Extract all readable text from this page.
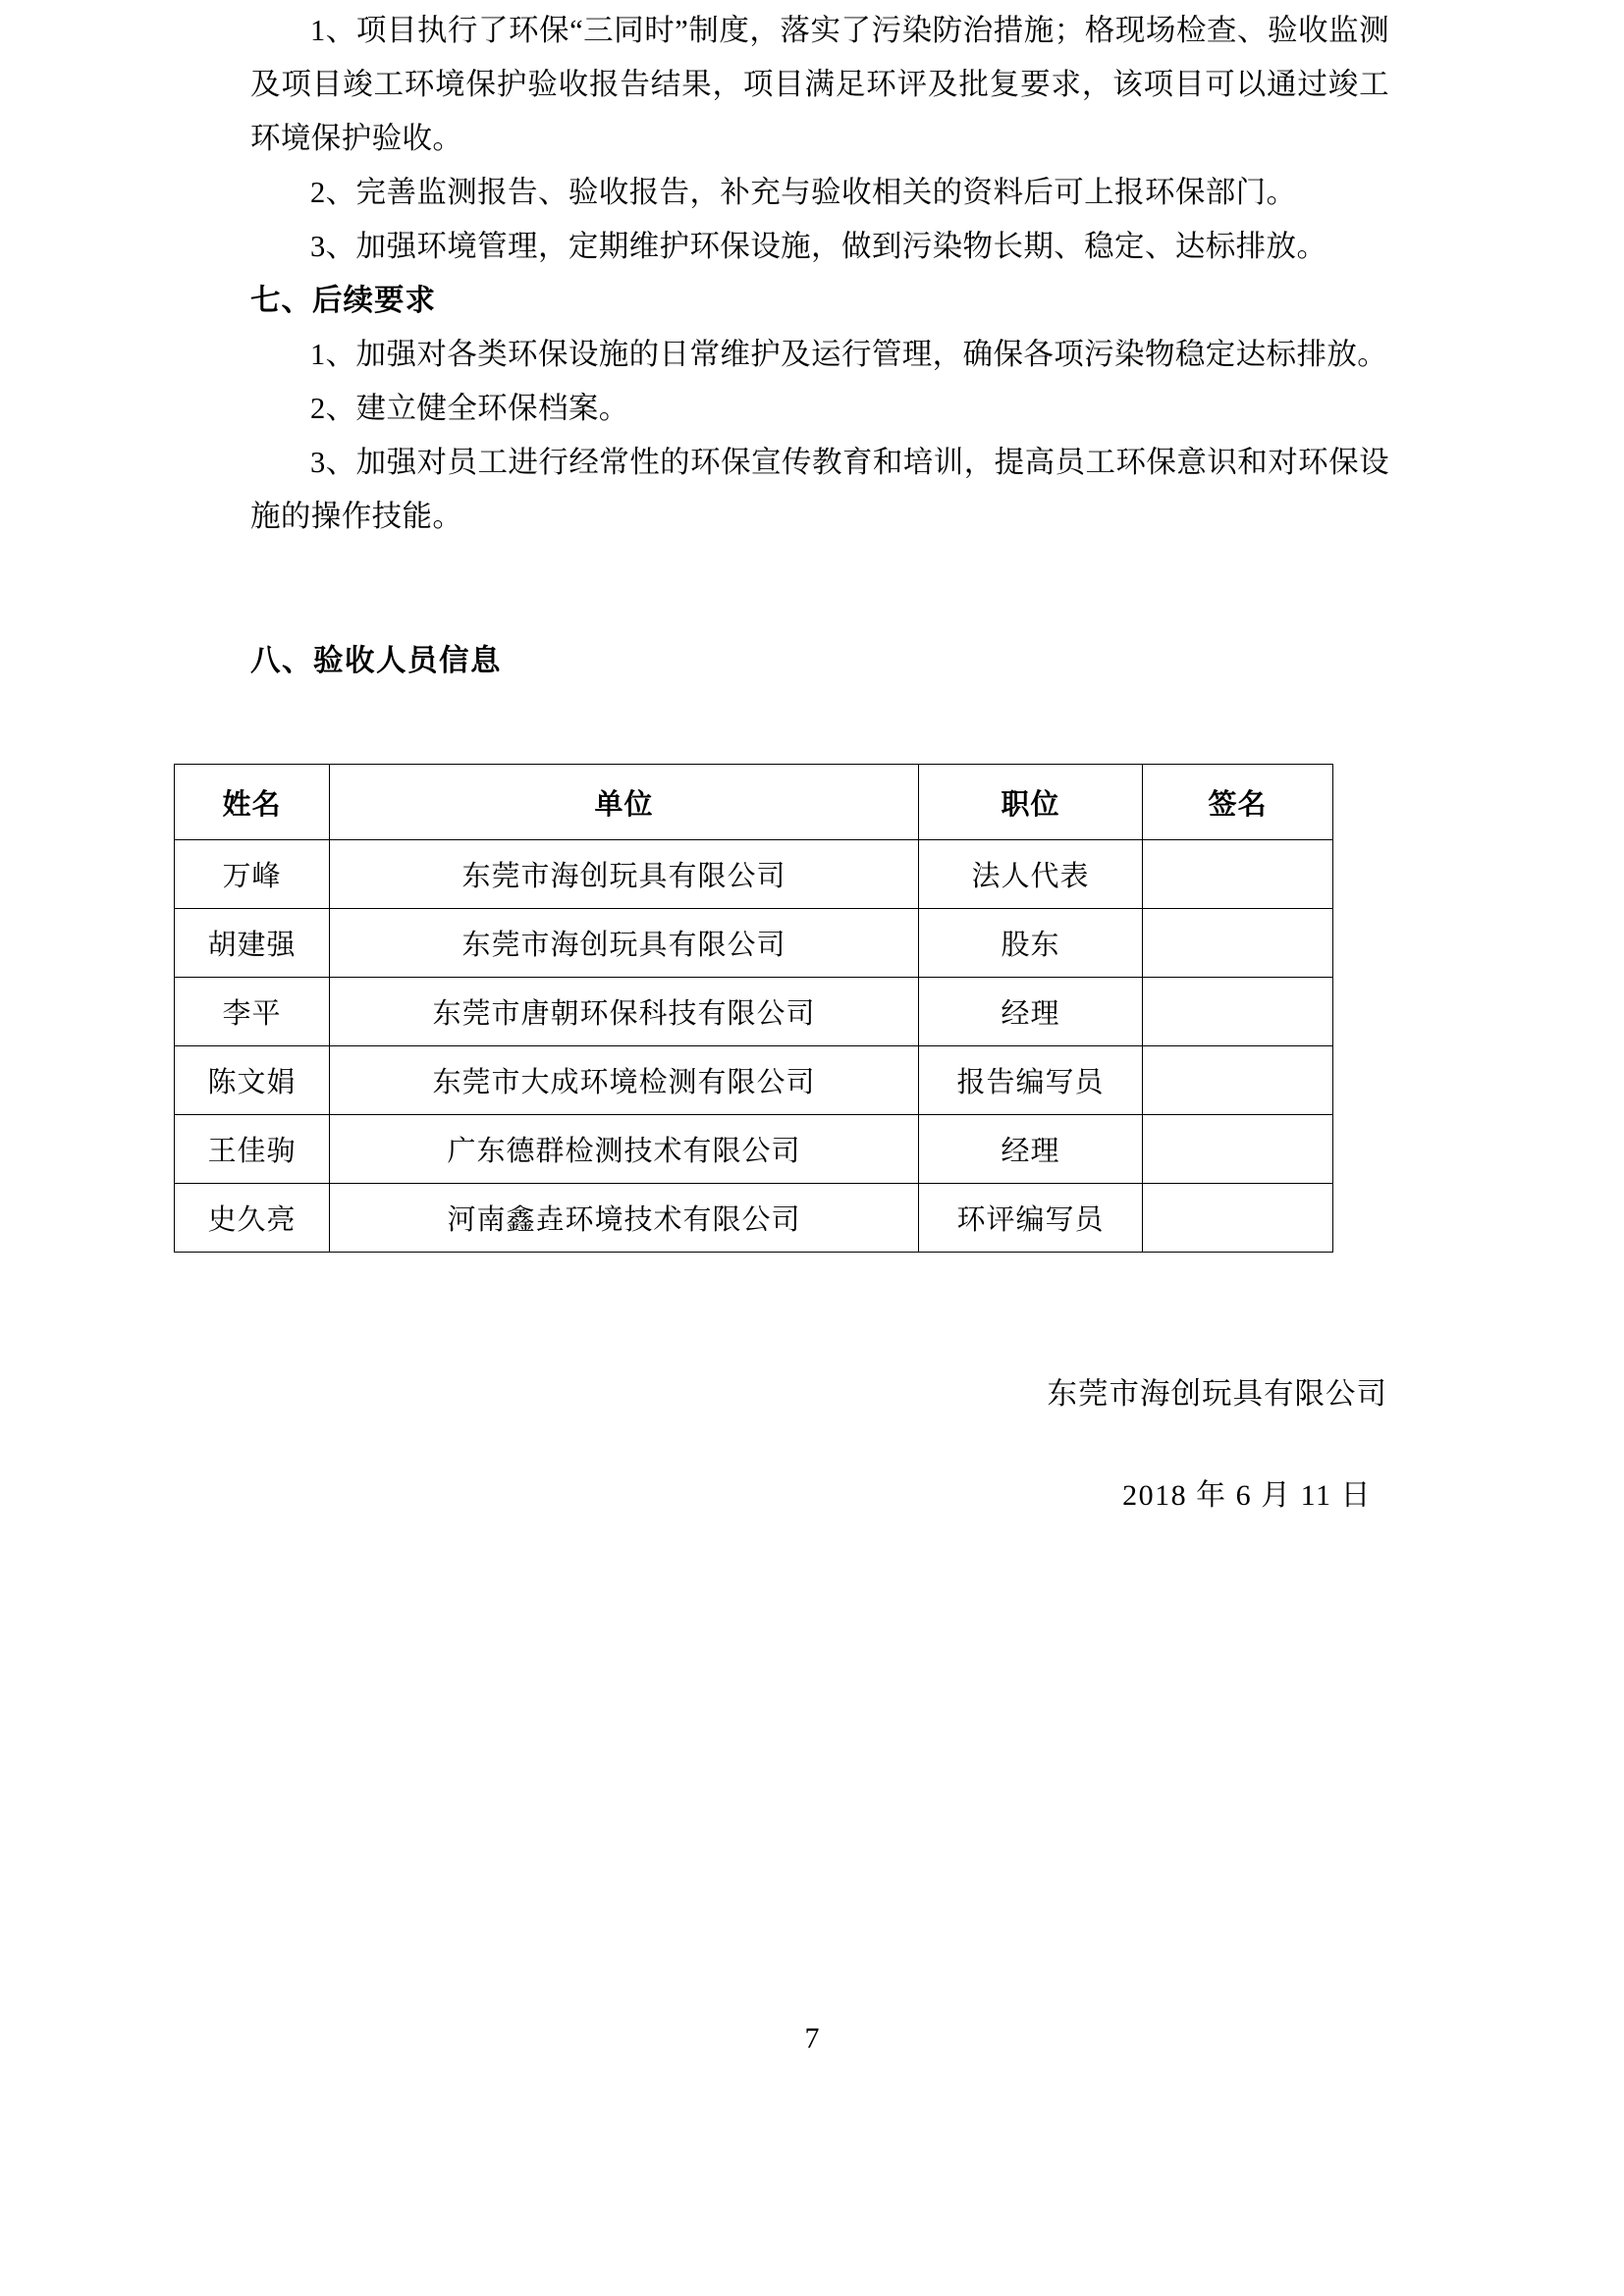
1、项目执行了环保“三同时”制度，落实了污染防治措施；格现场检查、验收监测及项目竣工环境保护验收报告结果，项目满足环评及批复要求，该项目可以通过竣工环境保护验收。

2、完善监测报告、验收报告，补充与验收相关的资料后可上报环保部门。

3、加强环境管理，定期维护环保设施，做到污染物长期、稳定、达标排放。

七、后续要求

1、加强对各类环保设施的日常维护及运行管理，确保各项污染物稳定达标排放。

2、建立健全环保档案。

3、加强对员工进行经常性的环保宣传教育和培训，提高员工环保意识和对环保设施的操作技能。

八、验收人员信息
姓名	单位	职位	签名
万峰	东莞市海创玩具有限公司	法人代表	
胡建强	东莞市海创玩具有限公司	股东	
李平	东莞市唐朝环保科技有限公司	经理	
陈文娟	东莞市大成环境检测有限公司	报告编写员	
王佳驹	广东德群检测技术有限公司	经理	
史久亮	河南鑫垚环境技术有限公司	环评编写员	
东莞市海创玩具有限公司
2018 年 6 月 11 日
7
